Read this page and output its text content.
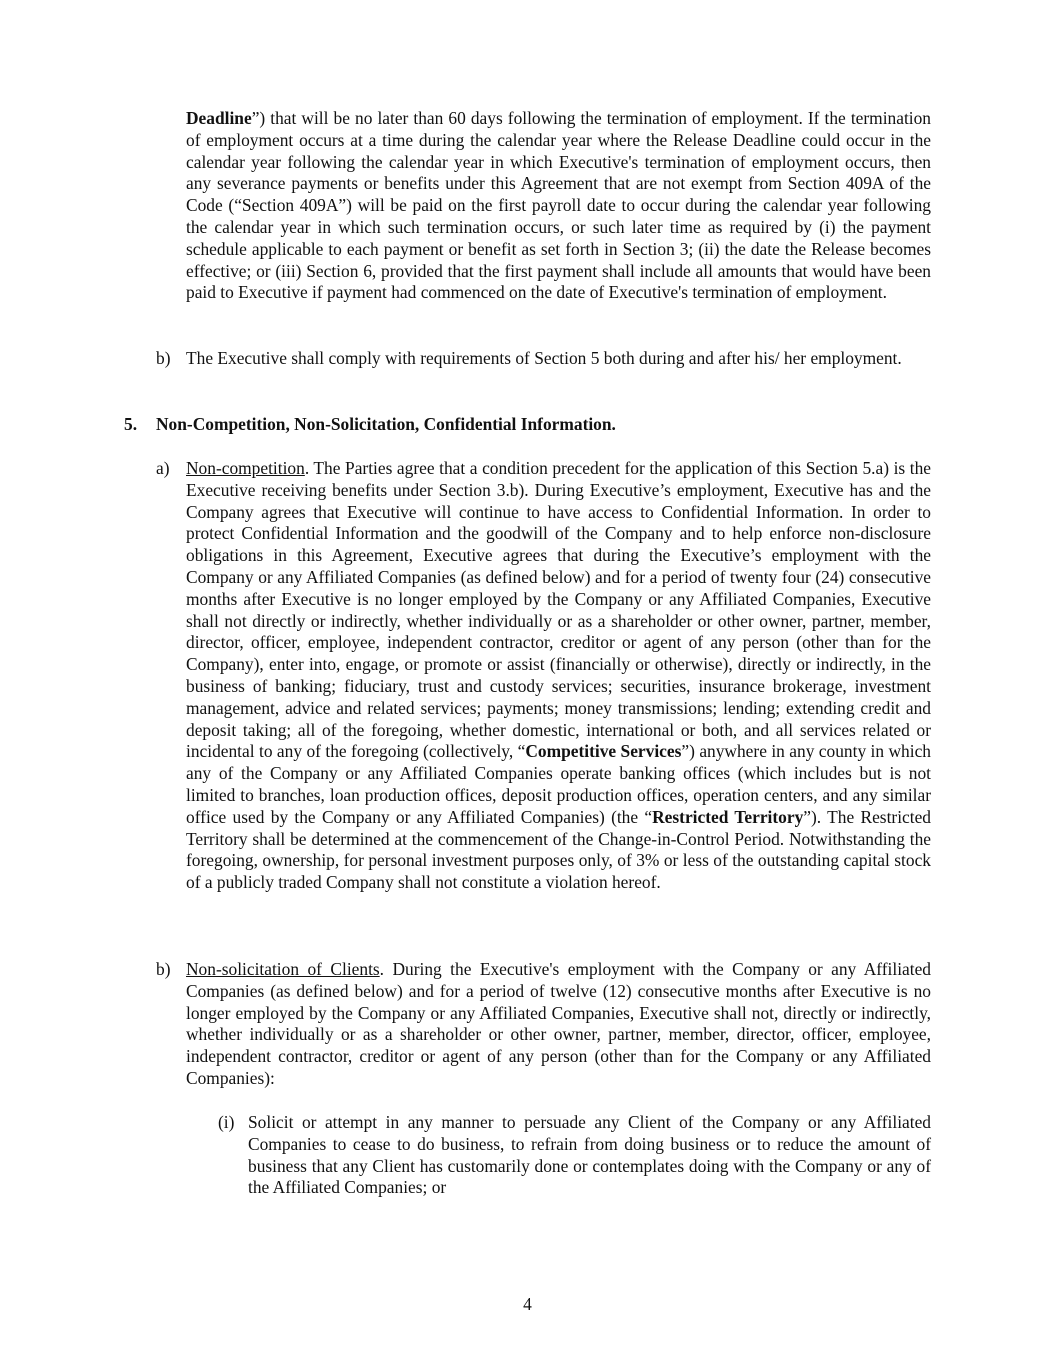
Deadline”) that will be no later than 60 days following the termination of employment. If the termination of employment occurs at a time during the calendar year where the Release Deadline could occur in the calendar year following the calendar year in which Executive's termination of employment occurs, then any severance payments or benefits under this Agreement that are not exempt from Section 409A of the Code (“Section 409A”) will be paid on the first payroll date to occur during the calendar year following the calendar year in which such termination occurs, or such later time as required by (i) the payment schedule applicable to each payment or benefit as set forth in Section 3; (ii) the date the Release becomes effective; or (iii) Section 6, provided that the first payment shall include all amounts that would have been paid to Executive if payment had commenced on the date of Executive's termination of employment.
b) The Executive shall comply with requirements of Section 5 both during and after his/ her employment.
5. Non-Competition, Non-Solicitation, Confidential Information.
a) Non-competition. The Parties agree that a condition precedent for the application of this Section 5.a) is the Executive receiving benefits under Section 3.b). During Executive’s employment, Executive has and the Company agrees that Executive will continue to have access to Confidential Information. In order to protect Confidential Information and the goodwill of the Company and to help enforce non-disclosure obligations in this Agreement, Executive agrees that during the Executive’s employment with the Company or any Affiliated Companies (as defined below) and for a period of twenty four (24) consecutive months after Executive is no longer employed by the Company or any Affiliated Companies, Executive shall not directly or indirectly, whether individually or as a shareholder or other owner, partner, member, director, officer, employee, independent contractor, creditor or agent of any person (other than for the Company), enter into, engage, or promote or assist (financially or otherwise), directly or indirectly, in the business of banking; fiduciary, trust and custody services; securities, insurance brokerage, investment management, advice and related services; payments; money transmissions; lending; extending credit and deposit taking; all of the foregoing, whether domestic, international or both, and all services related or incidental to any of the foregoing (collectively, “Competitive Services”) anywhere in any county in which any of the Company or any Affiliated Companies operate banking offices (which includes but is not limited to branches, loan production offices, deposit production offices, operation centers, and any similar office used by the Company or any Affiliated Companies) (the “Restricted Territory”). The Restricted Territory shall be determined at the commencement of the Change-in-Control Period. Notwithstanding the foregoing, ownership, for personal investment purposes only, of 3% or less of the outstanding capital stock of a publicly traded Company shall not constitute a violation hereof.
b) Non-solicitation of Clients. During the Executive's employment with the Company or any Affiliated Companies (as defined below) and for a period of twelve (12) consecutive months after Executive is no longer employed by the Company or any Affiliated Companies, Executive shall not, directly or indirectly, whether individually or as a shareholder or other owner, partner, member, director, officer, employee, independent contractor, creditor or agent of any person (other than for the Company or any Affiliated Companies):
(i) Solicit or attempt in any manner to persuade any Client of the Company or any Affiliated Companies to cease to do business, to refrain from doing business or to reduce the amount of business that any Client has customarily done or contemplates doing with the Company or any of the Affiliated Companies; or
4
